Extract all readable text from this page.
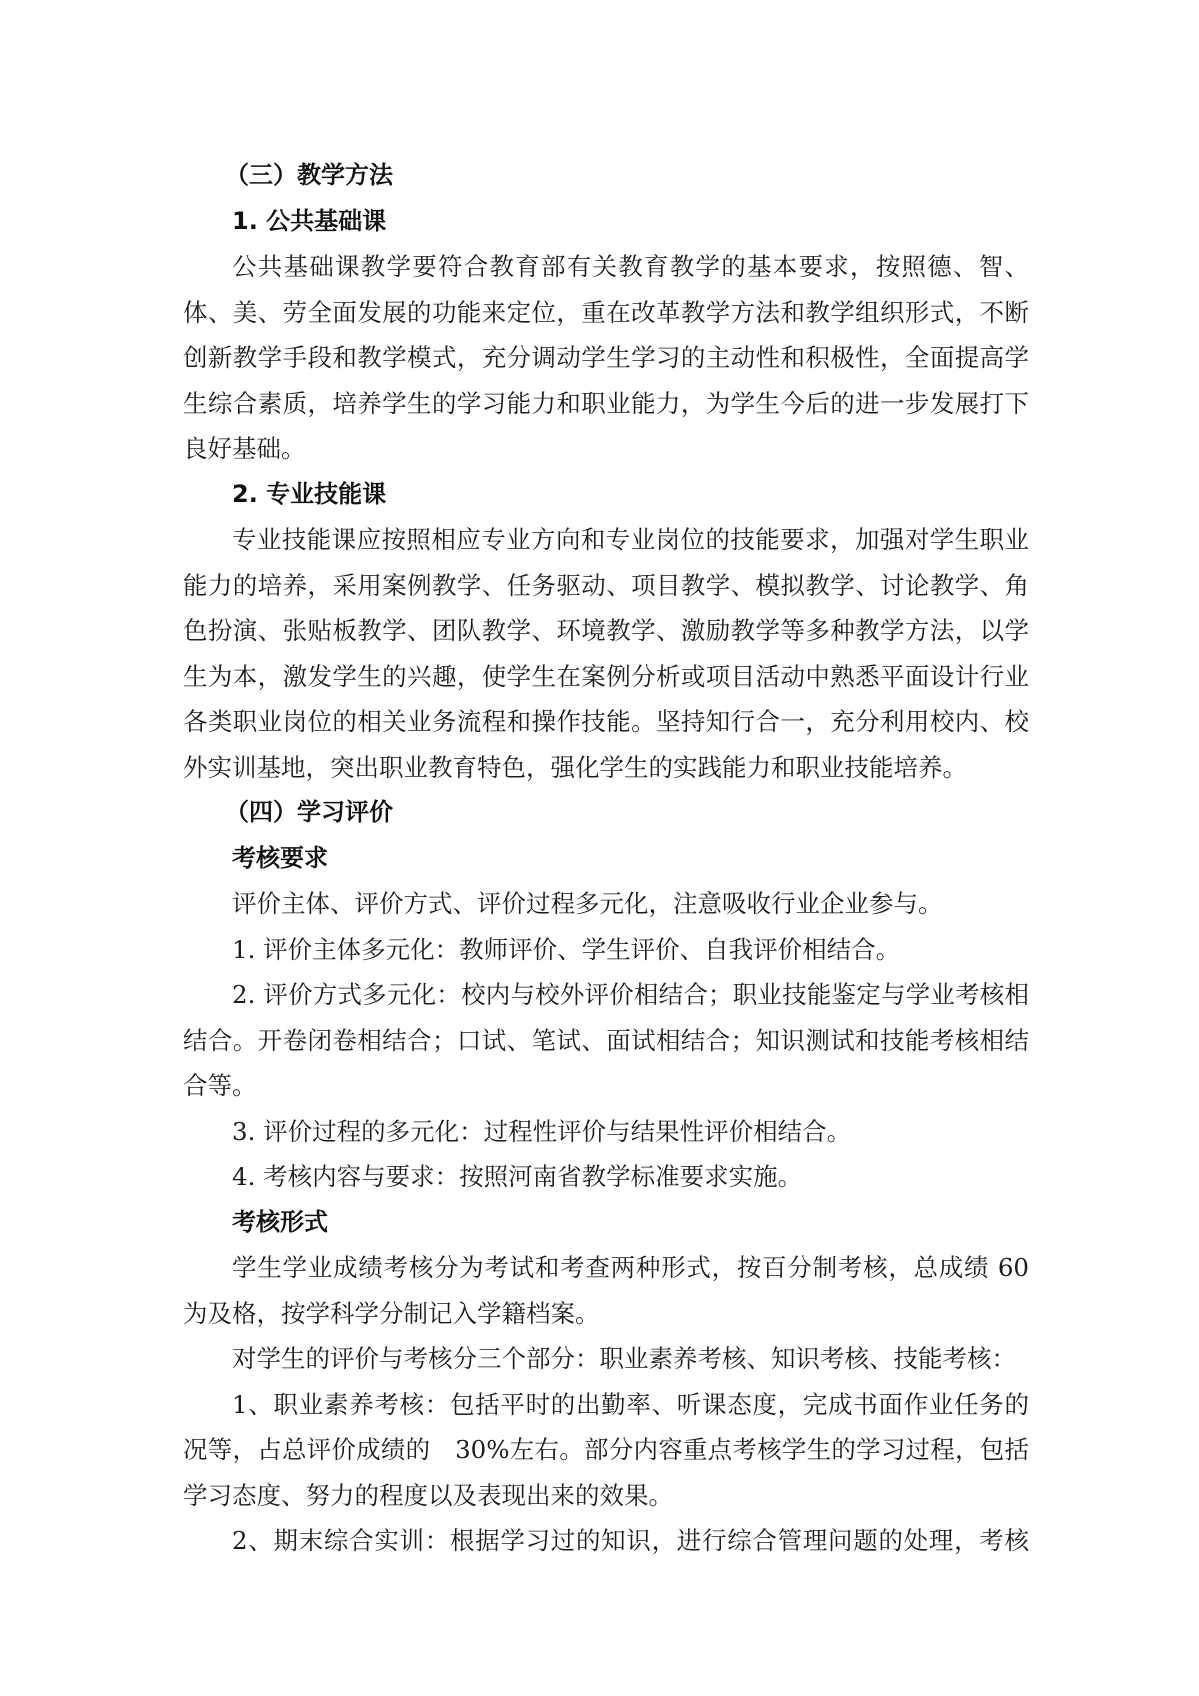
（三）教学方法

1. 公共基础课

公共基础课教学要符合教育部有关教育教学的基本要求，按照德、智、

体、美、劳全面发展的功能来定位，重在改革教学方法和教学组织形式，不断

创新教学手段和教学模式，充分调动学生学习的主动性和积极性，全面提高学

生综合素质，培养学生的学习能力和职业能力，为学生今后的进一步发展打下

良好基础。

2. 专业技能课

专业技能课应按照相应专业方向和专业岗位的技能要求，加强对学生职业

能力的培养，采用案例教学、任务驱动、项目教学、模拟教学、讨论教学、角

色扮演、张贴板教学、团队教学、环境教学、激励教学等多种教学方法，以学

生为本，激发学生的兴趣，使学生在案例分析或项目活动中熟悉平面设计行业

各类职业岗位的相关业务流程和操作技能。坚持知行合一，充分利用校内、校

外实训基地，突出职业教育特色，强化学生的实践能力和职业技能培养。

（四）学习评价

考核要求

评价主体、评价方式、评价过程多元化，注意吸收行业企业参与。

1. 评价主体多元化：教师评价、学生评价、自我评价相结合。

2. 评价方式多元化：校内与校外评价相结合；职业技能鉴定与学业考核相

结合。开卷闭卷相结合；口试、笔试、面试相结合；知识测试和技能考核相结

合等。

3. 评价过程的多元化：过程性评价与结果性评价相结合。

4. 考核内容与要求：按照河南省教学标准要求实施。

考核形式

学生学业成绩考核分为考试和考查两种形式，按百分制考核，总成绩 60

为及格，按学科学分制记入学籍档案。

对学生的评价与考核分三个部分：职业素养考核、知识考核、技能考核：

1、职业素养考核：包括平时的出勤率、听课态度，完成书面作业任务的

况等，占总评价成绩的　30%左右。部分内容重点考核学生的学习过程，包括

学习态度、努力的程度以及表现出来的效果。

2、期末综合实训：根据学习过的知识，进行综合管理问题的处理，考核
